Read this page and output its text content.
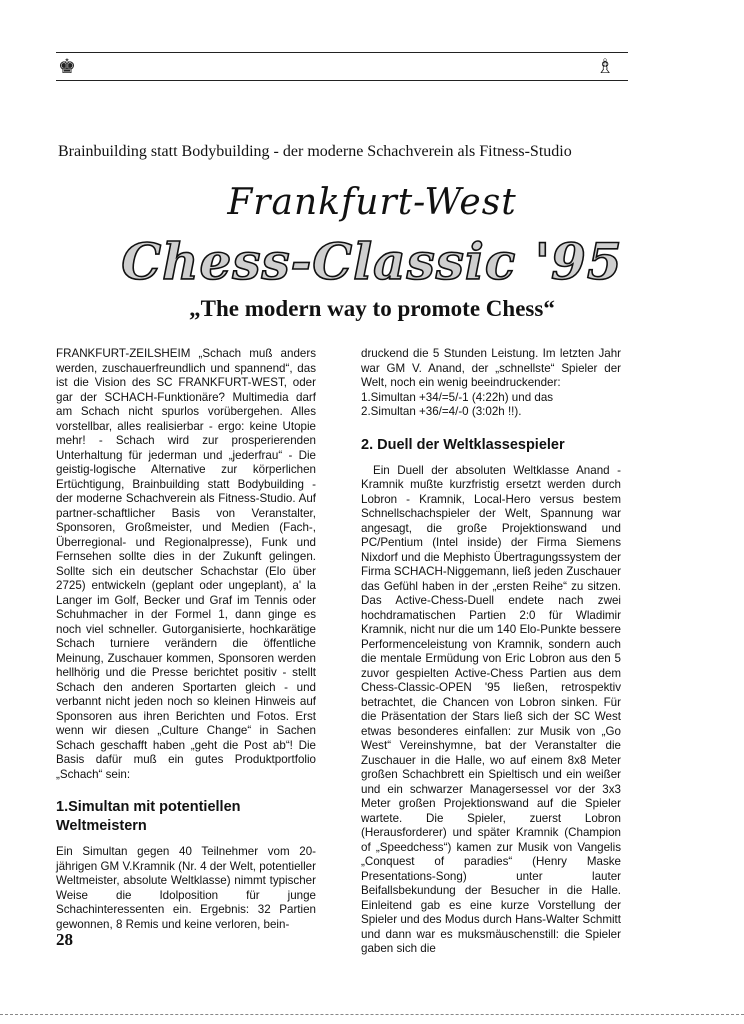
♚	♗
Brainbuilding statt Bodybuilding - der moderne Schachverein als Fitness-Studio
Frankfurt-West
Chess-Classic '95
„The modern way to promote Chess“

FRANKFURT-ZEILSHEIM „Schach muß anders werden, zuschauerfreundlich und spannend“, das ist die Vision des SC FRANKFURT-WEST, oder gar der SCHACH-Funktionäre? Multimedia darf am Schach nicht spurlos vorübergehen. Alles vorstellbar, alles realisierbar - ergo: keine Utopie mehr! - Schach wird zur prosperierenden Unterhaltung für jederman und „jederfrau“ - Die geistig-logische Alternative zur körperlichen Ertüchtigung, Brainbuilding statt Bodybuilding - der moderne Schachverein als Fitness-Studio. Auf partner-schaftlicher Basis von Veranstalter, Sponsoren, Großmeister, und Medien (Fach-, Überregional- und Regionalpresse), Funk und Fernsehen sollte dies in der Zukunft gelingen. Sollte sich ein deutscher Schachstar (Elo über 2725) entwickeln (geplant oder ungeplant), a' la Langer im Golf, Becker und Graf im Tennis oder Schuhmacher in der Formel 1, dann ginge es noch viel schneller. Gutorganisierte, hochkarätige Schach turniere verändern die öffentliche Meinung, Zuschauer kommen, Sponsoren werden hellhörig und die Presse berichtet positiv - stellt Schach den anderen Sportarten gleich - und verbannt nicht jeden noch so kleinen Hinweis auf Sponsoren aus ihren Berichten und Fotos. Erst wenn wir diesen „Culture Change“ in Sachen Schach geschafft haben „geht die Post ab“! Die Basis dafür muß ein gutes Produktportfolio „Schach“ sein:

1.Simultan mit potentiellen Weltmeistern

Ein Simultan gegen 40 Teilnehmer vom 20-jährigen GM V.Kramnik (Nr. 4 der Welt, potentieller Weltmeister, absolute Weltklasse) nimmt typischer Weise die Idolposition für junge Schachinteressenten ein. Ergebnis: 32 Partien gewonnen, 8 Remis und keine verloren, bein-

druckend die 5 Stunden Leistung. Im letzten Jahr war GM V. Anand, der „schnellste“ Spieler der Welt, noch ein wenig beeindruckender:

1.Simultan +34/=5/-1 (4:22h) und das

2.Simultan +36/=4/-0 (3:02h !!).

2. Duell der Weltklassespieler

Ein Duell der absoluten Weltklasse Anand - Kramnik mußte kurzfristig ersetzt werden durch Lobron - Kramnik, Local-Hero versus bestem Schnellschachspieler der Welt, Spannung war angesagt, die große Projektionswand und PC/Pentium (Intel inside) der Firma Siemens Nixdorf und die Mephisto Übertragungssystem der Firma SCHACH-Niggemann, ließ jeden Zuschauer das Gefühl haben in der „ersten Reihe“ zu sitzen. Das Active-Chess-Duell endete nach zwei hochdramatischen Partien 2:0 für Wladimir Kramnik, nicht nur die um 140 Elo-Punkte bessere Performenceleistung von Kramnik, sondern auch die mentale Ermüdung von Eric Lobron aus den 5 zuvor gespielten Active-Chess Partien aus dem Chess-Classic-OPEN '95 ließen, retrospektiv betrachtet, die Chancen von Lobron sinken. Für die Präsentation der Stars ließ sich der SC West etwas besonderes einfallen: zur Musik von „Go West“ Vereinshymne, bat der Veranstalter die Zuschauer in die Halle, wo auf einem 8x8 Meter großen Schachbrett ein Spieltisch und ein weißer und ein schwarzer Managersessel vor der 3x3 Meter großen Projektionswand auf die Spieler wartete. Die Spieler, zuerst Lobron (Herausforderer) und später Kramnik (Champion of „Speedchess“) kamen zur Musik von Vangelis „Conquest of paradies“ (Henry Maske Presentations-Song) unter lauter Beifallsbekundung der Besucher in die Halle. Einleitend gab es eine kurze Vorstellung der Spieler und des Modus durch Hans-Walter Schmitt und dann war es muksmäuschenstill: die Spieler gaben sich die

28
